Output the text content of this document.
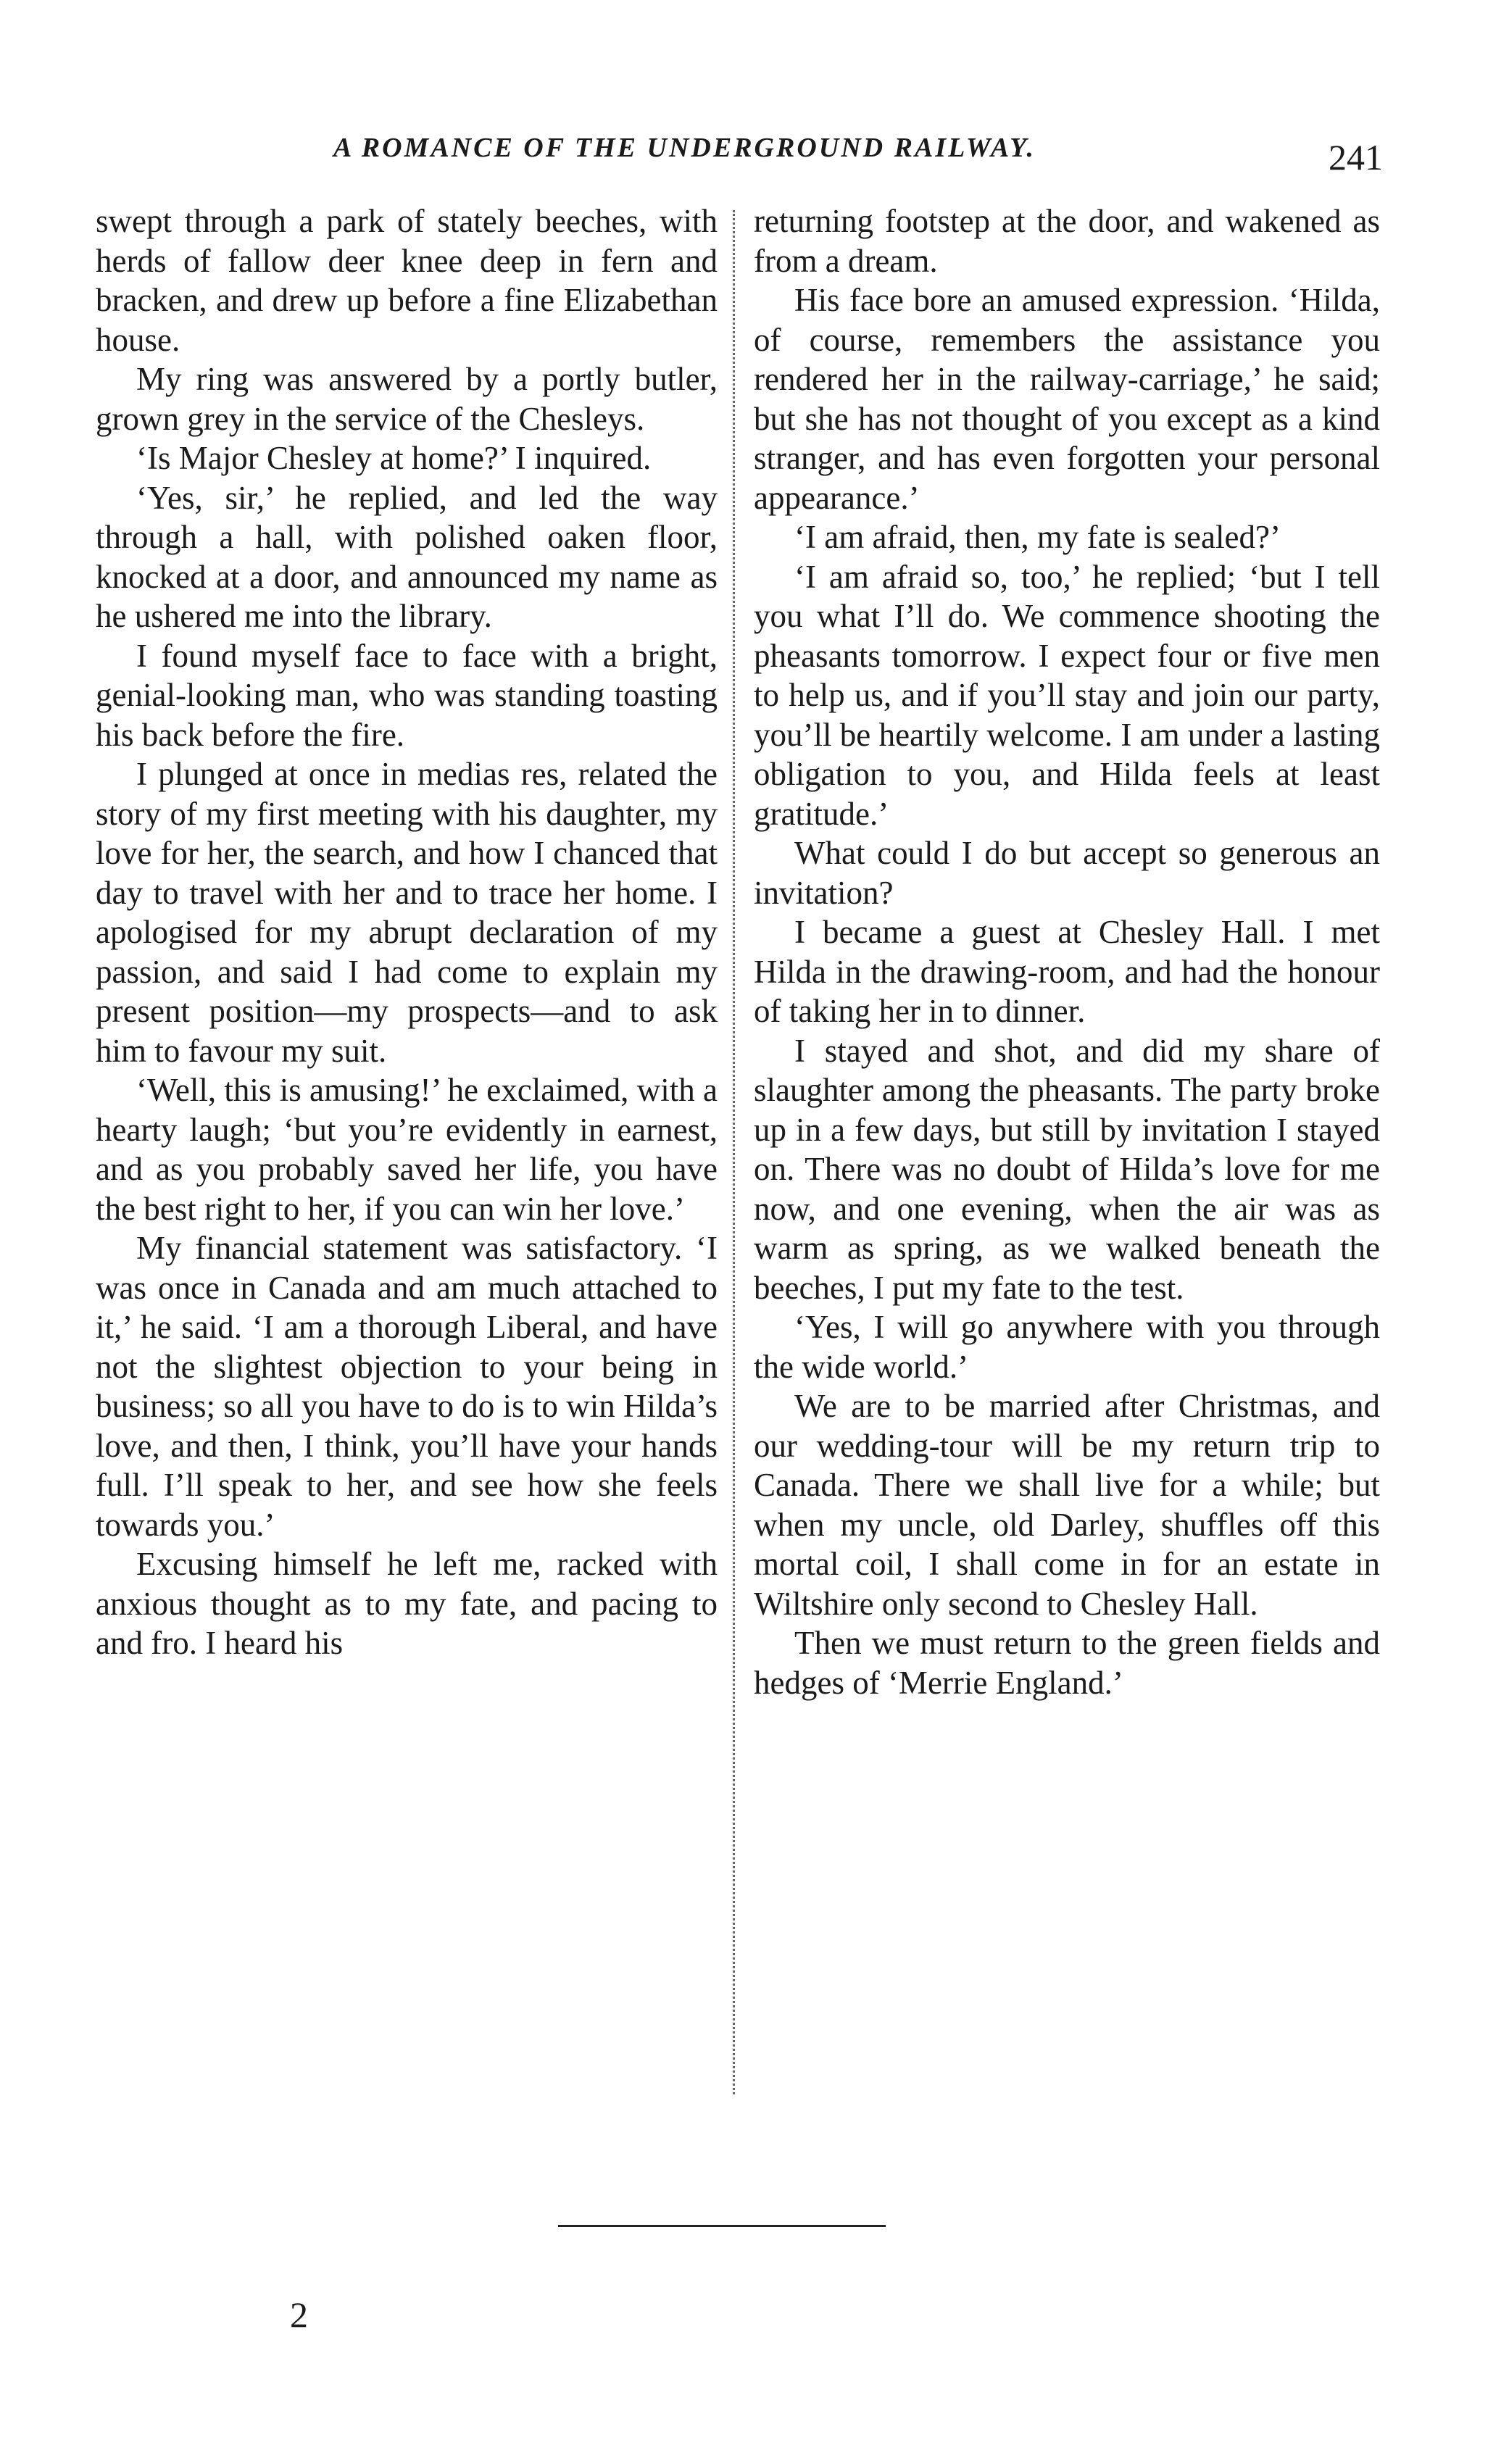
A ROMANCE OF THE UNDERGROUND RAILWAY.	241

swept through a park of stately beeches, with herds of fallow deer knee deep in fern and bracken, and drew up before a fine Elizabethan house.

My ring was answered by a portly butler, grown grey in the service of the Chesleys.

‘Is Major Chesley at home?’ I inquired.

‘Yes, sir,’ he replied, and led the way through a hall, with polished oaken floor, knocked at a door, and announced my name as he ushered me into the library.

I found myself face to face with a bright, genial-looking man, who was standing toasting his back before the fire.

I plunged at once in medias res, related the story of my first meeting with his daughter, my love for her, the search, and how I chanced that day to travel with her and to trace her home. I apologised for my abrupt declaration of my passion, and said I had come to explain my present position—my prospects—and to ask him to favour my suit.

‘Well, this is amusing!’ he exclaimed, with a hearty laugh; ‘but you’re evidently in earnest, and as you probably saved her life, you have the best right to her, if you can win her love.’

My financial statement was satisfactory. ‘I was once in Canada and am much attached to it,’ he said. ‘I am a thorough Liberal, and have not the slightest objection to your being in business; so all you have to do is to win Hilda’s love, and then, I think, you’ll have your hands full. I’ll speak to her, and see how she feels towards you.’

Excusing himself he left me, racked with anxious thought as to my fate, and pacing to and fro. I heard his

returning footstep at the door, and wakened as from a dream.

His face bore an amused expression. ‘Hilda, of course, remembers the assistance you rendered her in the railway-carriage,’ he said; but she has not thought of you except as a kind stranger, and has even forgotten your personal appearance.’

‘I am afraid, then, my fate is sealed?’

‘I am afraid so, too,’ he replied; ‘but I tell you what I’ll do. We commence shooting the pheasants tomorrow. I expect four or five men to help us, and if you’ll stay and join our party, you’ll be heartily welcome. I am under a lasting obligation to you, and Hilda feels at least gratitude.’

What could I do but accept so generous an invitation?

I became a guest at Chesley Hall. I met Hilda in the drawing-room, and had the honour of taking her in to dinner.

I stayed and shot, and did my share of slaughter among the pheasants. The party broke up in a few days, but still by invitation I stayed on. There was no doubt of Hilda’s love for me now, and one evening, when the air was as warm as spring, as we walked beneath the beeches, I put my fate to the test.

‘Yes, I will go anywhere with you through the wide world.’

We are to be married after Christmas, and our wedding-tour will be my return trip to Canada. There we shall live for a while; but when my uncle, old Darley, shuffles off this mortal coil, I shall come in for an estate in Wiltshire only second to Chesley Hall.

Then we must return to the green fields and hedges of ‘Merrie England.’

2
